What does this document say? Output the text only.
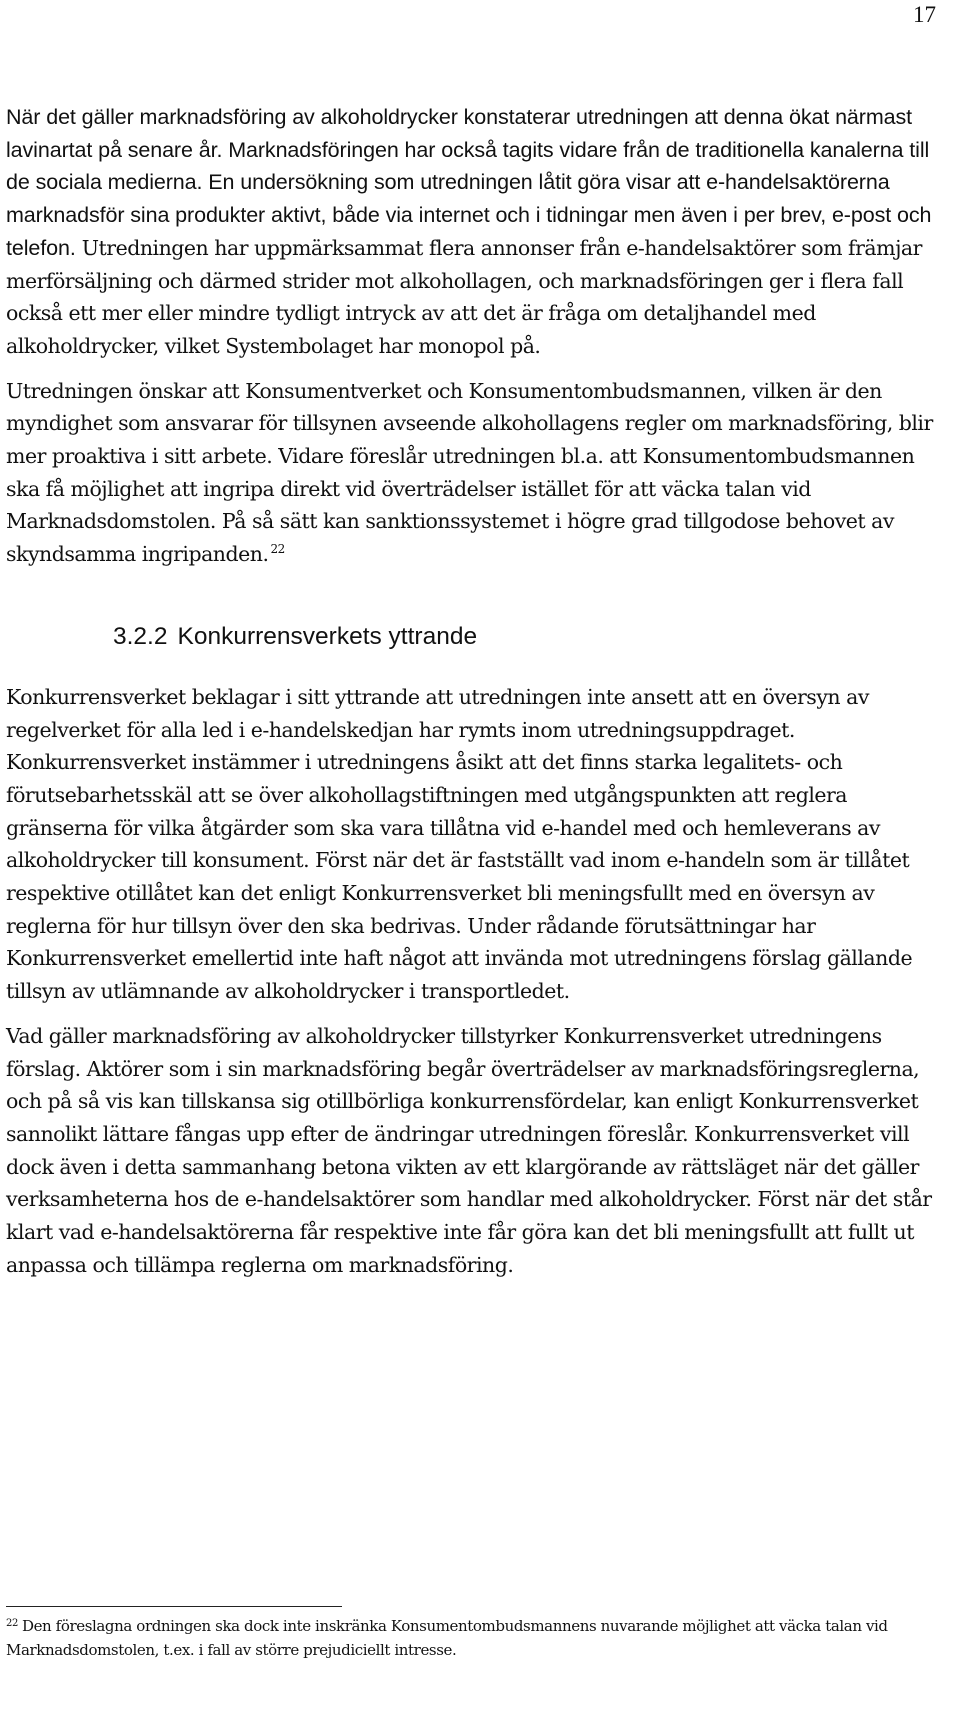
17

När det gäller marknadsföring av alkoholdrycker konstaterar utredningen att denna ökat närmast lavinartat på senare år. Marknadsföringen har också tagits vidare från de traditionella kanalerna till de sociala medierna. En undersökning som utredningen låtit göra visar att e-handelsaktörerna marknadsför sina produkter aktivt, både via internet och i tidningar men även i per brev, e-post och telefon. Utredningen har uppmärksammat flera annonser från e-handelsaktörer som främjar merförsäljning och därmed strider mot alkohollagen, och marknadsföringen ger i flera fall också ett mer eller mindre tydligt intryck av att det är fråga om detaljhandel med alkoholdrycker, vilket Systembolaget har monopol på.

Utredningen önskar att Konsumentverket och Konsumentombudsmannen, vilken är den myndighet som ansvarar för tillsynen avseende alkohollagens regler om marknadsföring, blir mer proaktiva i sitt arbete. Vidare föreslår utredningen bl.a. att Konsumentombudsmannen ska få möjlighet att ingripa direkt vid överträdelser istället för att väcka talan vid Marknadsdomstolen. På så sätt kan sanktionssystemet i högre grad tillgodose behovet av skyndsamma ingripanden. $^{22}$

3.2.2 Konkurrensverkets yttrande

Konkurrensverket beklagar i sitt yttrande att utredningen inte ansett att en översyn av regelverket för alla led i e-handelskedjan har rymts inom utredningsuppdraget. Konkurrensverket instämmer i utredningens åsikt att det finns starka legalitets- och förutsebarhetsskäl att se över alkohollagstiftningen med utgångspunkten att reglera gränserna för vilka åtgärder som ska vara tillåtna vid e-handel med och hemleverans av alkoholdrycker till konsument. Först när det är fastställt vad inom e-handeln som är tillåtet respektive otillåtet kan det enligt Konkurrensverket bli meningsfullt med en översyn av reglerna för hur tillsyn över den ska bedrivas. Under rådande förutsättningar har Konkurrensverket emellertid inte haft något att invända mot utredningens förslag gällande tillsyn av utlämnande av alkoholdrycker i transportledet.

Vad gäller marknadsföring av alkoholdrycker tillstyrker Konkurrensverket utredningens förslag. Aktörer som i sin marknadsföring begår överträdelser av marknadsföringsreglerna, och på så vis kan tillskansa sig otillbörliga konkurrensfördelar, kan enligt Konkurrensverket sannolikt lättare fångas upp efter de ändringar utredningen föreslår. Konkurrensverket vill dock även i detta sammanhang betona vikten av ett klargörande av rättsläget när det gäller verksamheterna hos de e-handelsaktörer som handlar med alkoholdrycker. Först när det står klart vad e-handelsaktörerna får respektive inte får göra kan det bli meningsfullt att fullt ut anpassa och tillämpa reglerna om marknadsföring.

$^{22}$ Den föreslagna ordningen ska dock inte inskränka Konsumentombudsmannens nuvarande möjlighet att väcka talan vid Marknadsdomstolen, t.ex. i fall av större prejudiciellt intresse.
